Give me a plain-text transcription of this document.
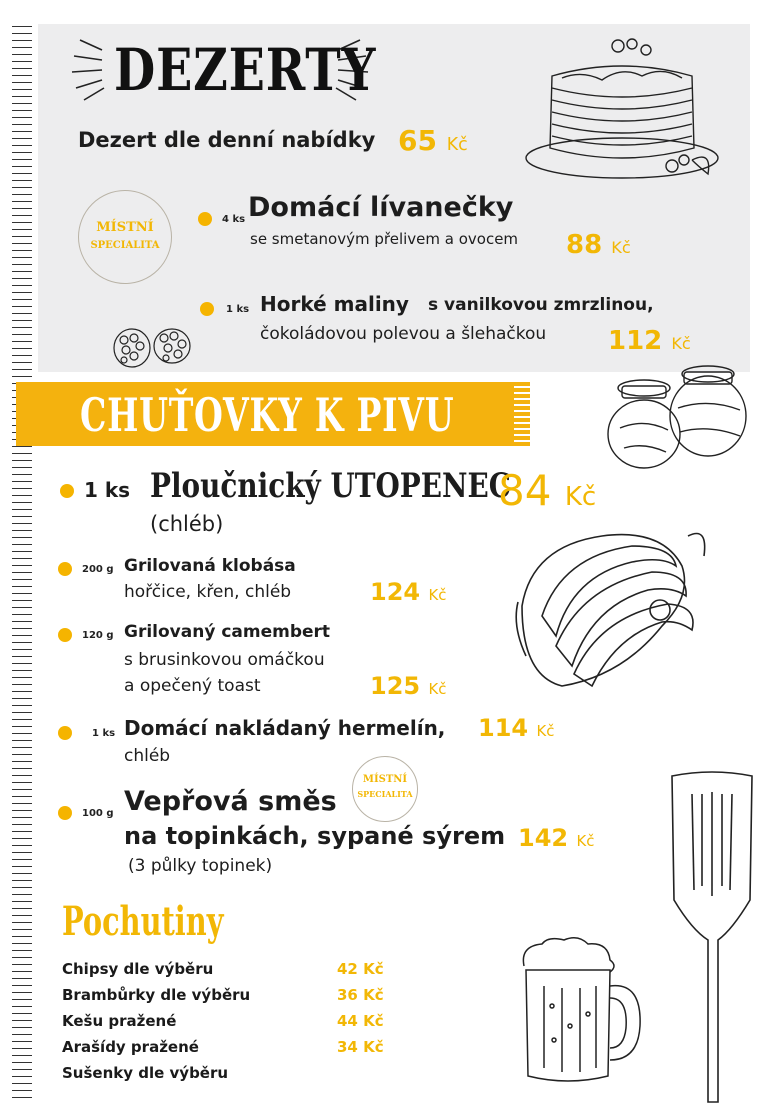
DEZERTY
Dezert dle denní nabídky 65 Kč
MÍSTNÍ
SPECIALITA
4 ks Domácí lívanečky
se smetanovým přelivem a ovocem 88 Kč
1 ks Horké maliny s vanilkovou zmrzlinou,
čokoládovou polevou a šlehačkou 112 Kč
CHUŤOVKY K PIVU
1 ks Ploučnický UTOPENEC
(chléb)
84 Kč
200 g Grilovaná klobása
hořčice, křen, chléb	124 Kč
120 g Grilovaný camembert
s brusinkovou omáčkou
a opečený toast	125 Kč
1 ks Domácí nakládaný hermelín,
chléb
114 Kč
MÍSTNÍ
SPECIALITA
100 g Vepřová směs
na topinkách, sypané sýrem
(3 půlky topinek)
142 Kč
Pochutiny
Chipsy dle výběru	42 Kč
Brambůrky dle výběru	36 Kč
Kešu pražené	44 Kč
Arašídy pražené	34 Kč
Sušenky dle výběru
